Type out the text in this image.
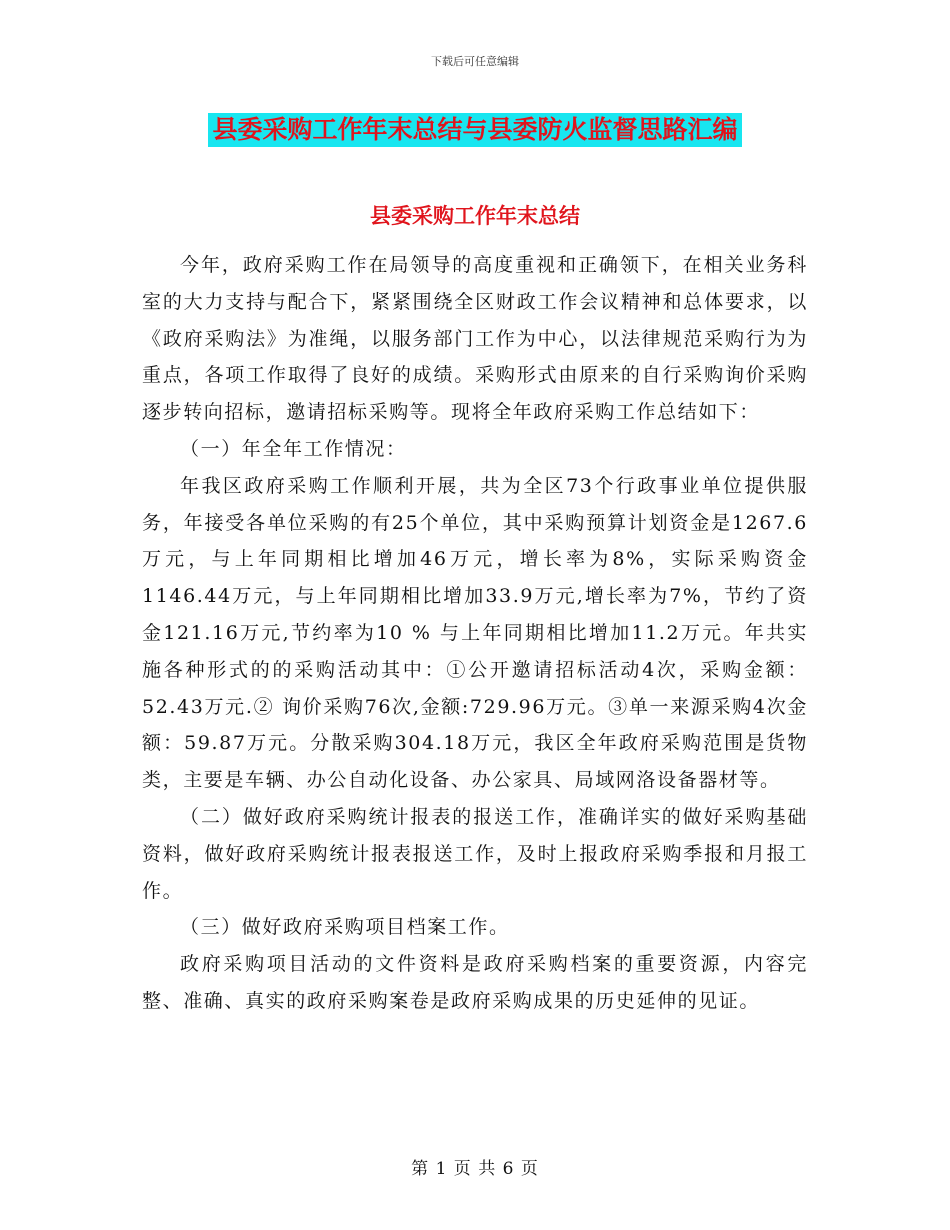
下载后可任意编辑
县委采购工作年末总结与县委防火监督思路汇编
县委采购工作年末总结

今年，政府采购工作在局领导的高度重视和正确领下，在相关业务科室的大力支持与配合下，紧紧围绕全区财政工作会议精神和总体要求，以《政府采购法》为准绳，以服务部门工作为中心，以法律规范采购行为为重点，各项工作取得了良好的成绩。采购形式由原来的自行采购询价采购逐步转向招标，邀请招标采购等。现将全年政府采购工作总结如下：

（一）年全年工作情况：

年我区政府采购工作顺利开展，共为全区73个行政事业单位提供服务，年接受各单位采购的有25个单位，其中采购预算计划资金是1267.6万元，与上年同期相比增加46万元，增长率为8%，实际采购资金1146.44万元，与上年同期相比增加33.9万元,增长率为7%，节约了资金121.16万元,节约率为10 % 与上年同期相比增加11.2万元。年共实施各种形式的的采购活动其中：①公开邀请招标活动4次，采购金额：52.43万元.② 询价采购76次,金额:729.96万元。③单一来源采购4次金额：59.87万元。分散采购304.18万元，我区全年政府采购范围是货物类，主要是车辆、办公自动化设备、办公家具、局域网洛设备器材等。

（二）做好政府采购统计报表的报送工作，准确详实的做好采购基础资料，做好政府采购统计报表报送工作，及时上报政府采购季报和月报工作。

（三）做好政府采购项目档案工作。

政府采购项目活动的文件资料是政府采购档案的重要资源，内容完整、准确、真实的政府采购案卷是政府采购成果的历史延伸的见证。

第 1 页 共 6 页
